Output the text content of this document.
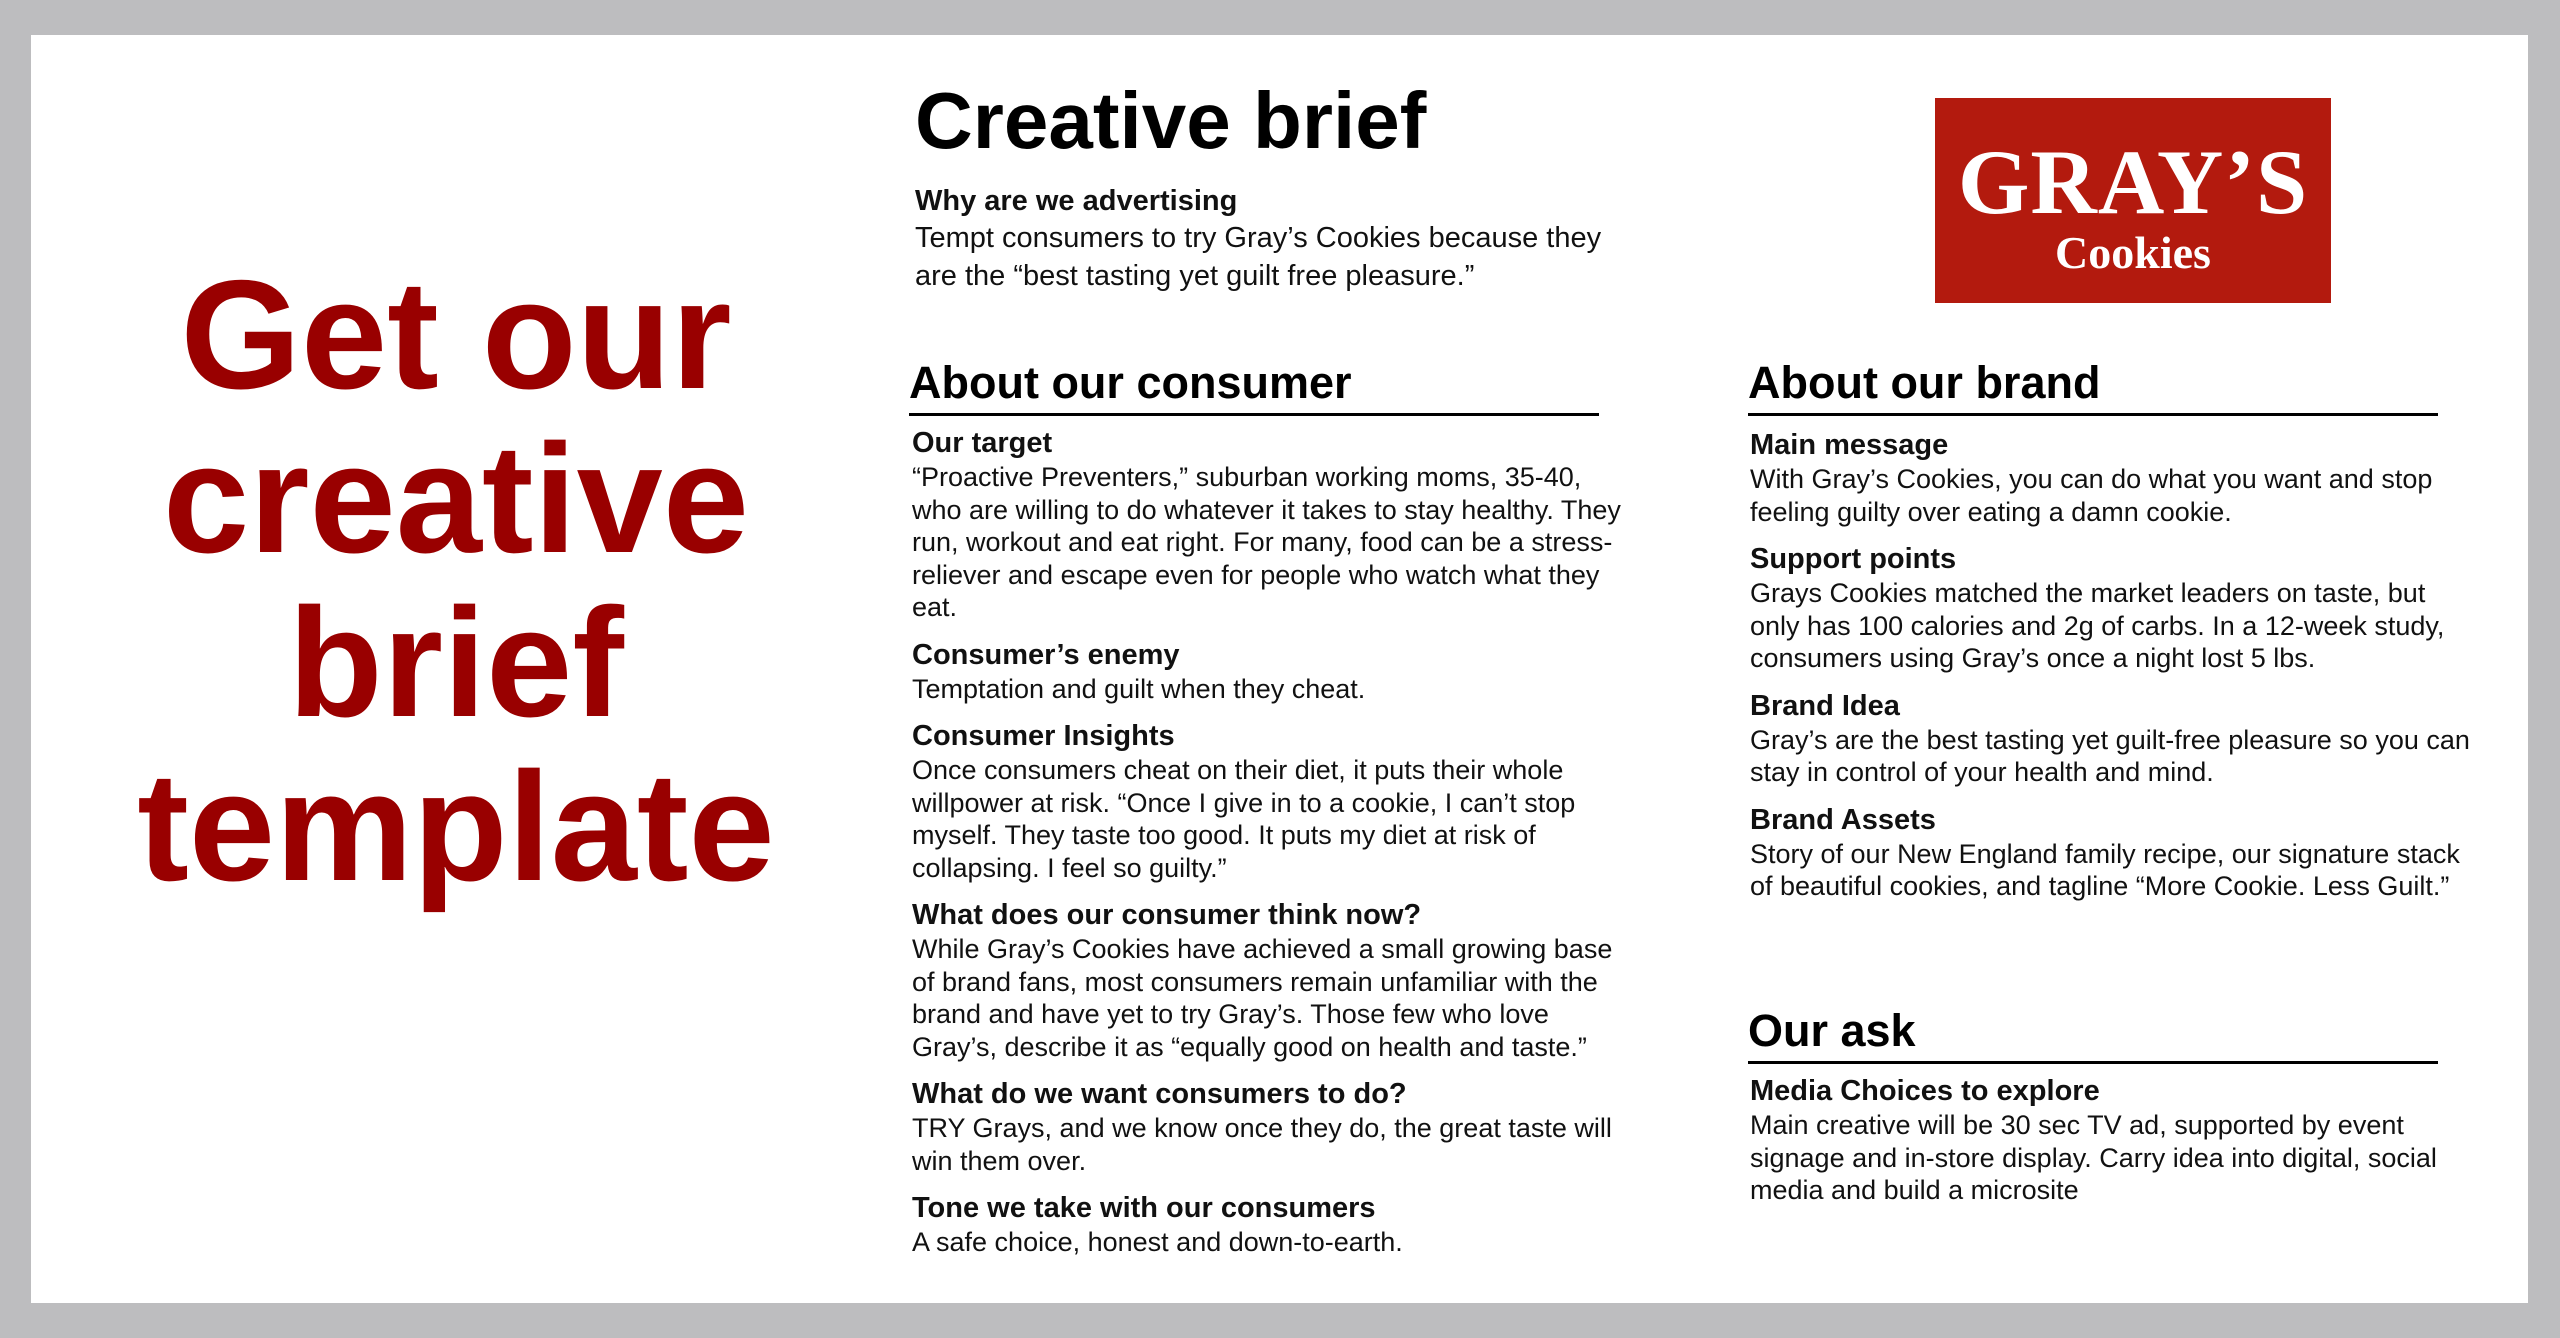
Get our
creative
brief
template
Creative brief
Why are we advertising
Tempt consumers to try Gray’s Cookies because they are the “best tasting yet guilt free pleasure.”
GRAY’S
Cookies
About our consumer
Our target
“Proactive Preventers,” suburban working moms, 35-40, who are willing to do whatever it takes to stay healthy. They run, workout and eat right. For many, food can be a stress-reliever and escape even for people who watch what they eat.
Consumer’s enemy
Temptation and guilt when they cheat.
Consumer Insights
Once consumers cheat on their diet, it puts their whole willpower at risk. “Once I give in to a cookie, I can’t stop myself. They taste too good. It puts my diet at risk of collapsing. I feel so guilty.”
What does our consumer think now?
While Gray’s Cookies have achieved a small growing base of brand fans, most consumers remain unfamiliar with the brand and have yet to try Gray’s. Those few who love Gray’s, describe it as “equally good on health and taste.”
What do we want consumers to do?
TRY Grays, and we know once they do, the great taste will win them over.
Tone we take with our consumers
A safe choice, honest and down-to-earth.
About our brand
Main message
With Gray’s Cookies, you can do what you want and stop feeling guilty over eating a damn cookie.
Support points
Grays Cookies matched the market leaders on taste, but only has 100 calories and 2g of carbs. In a 12-week study, consumers using Gray’s once a night lost 5 lbs.
Brand Idea
Gray’s are the best tasting yet guilt-free pleasure so you can stay in control of your health and mind.
Brand Assets
Story of our New England family recipe, our signature stack of beautiful cookies, and tagline “More Cookie. Less Guilt.”
Our ask
Media Choices to explore
Main creative will be 30 sec TV ad, supported by event signage and in-store display. Carry idea into digital, social media and build a microsite
